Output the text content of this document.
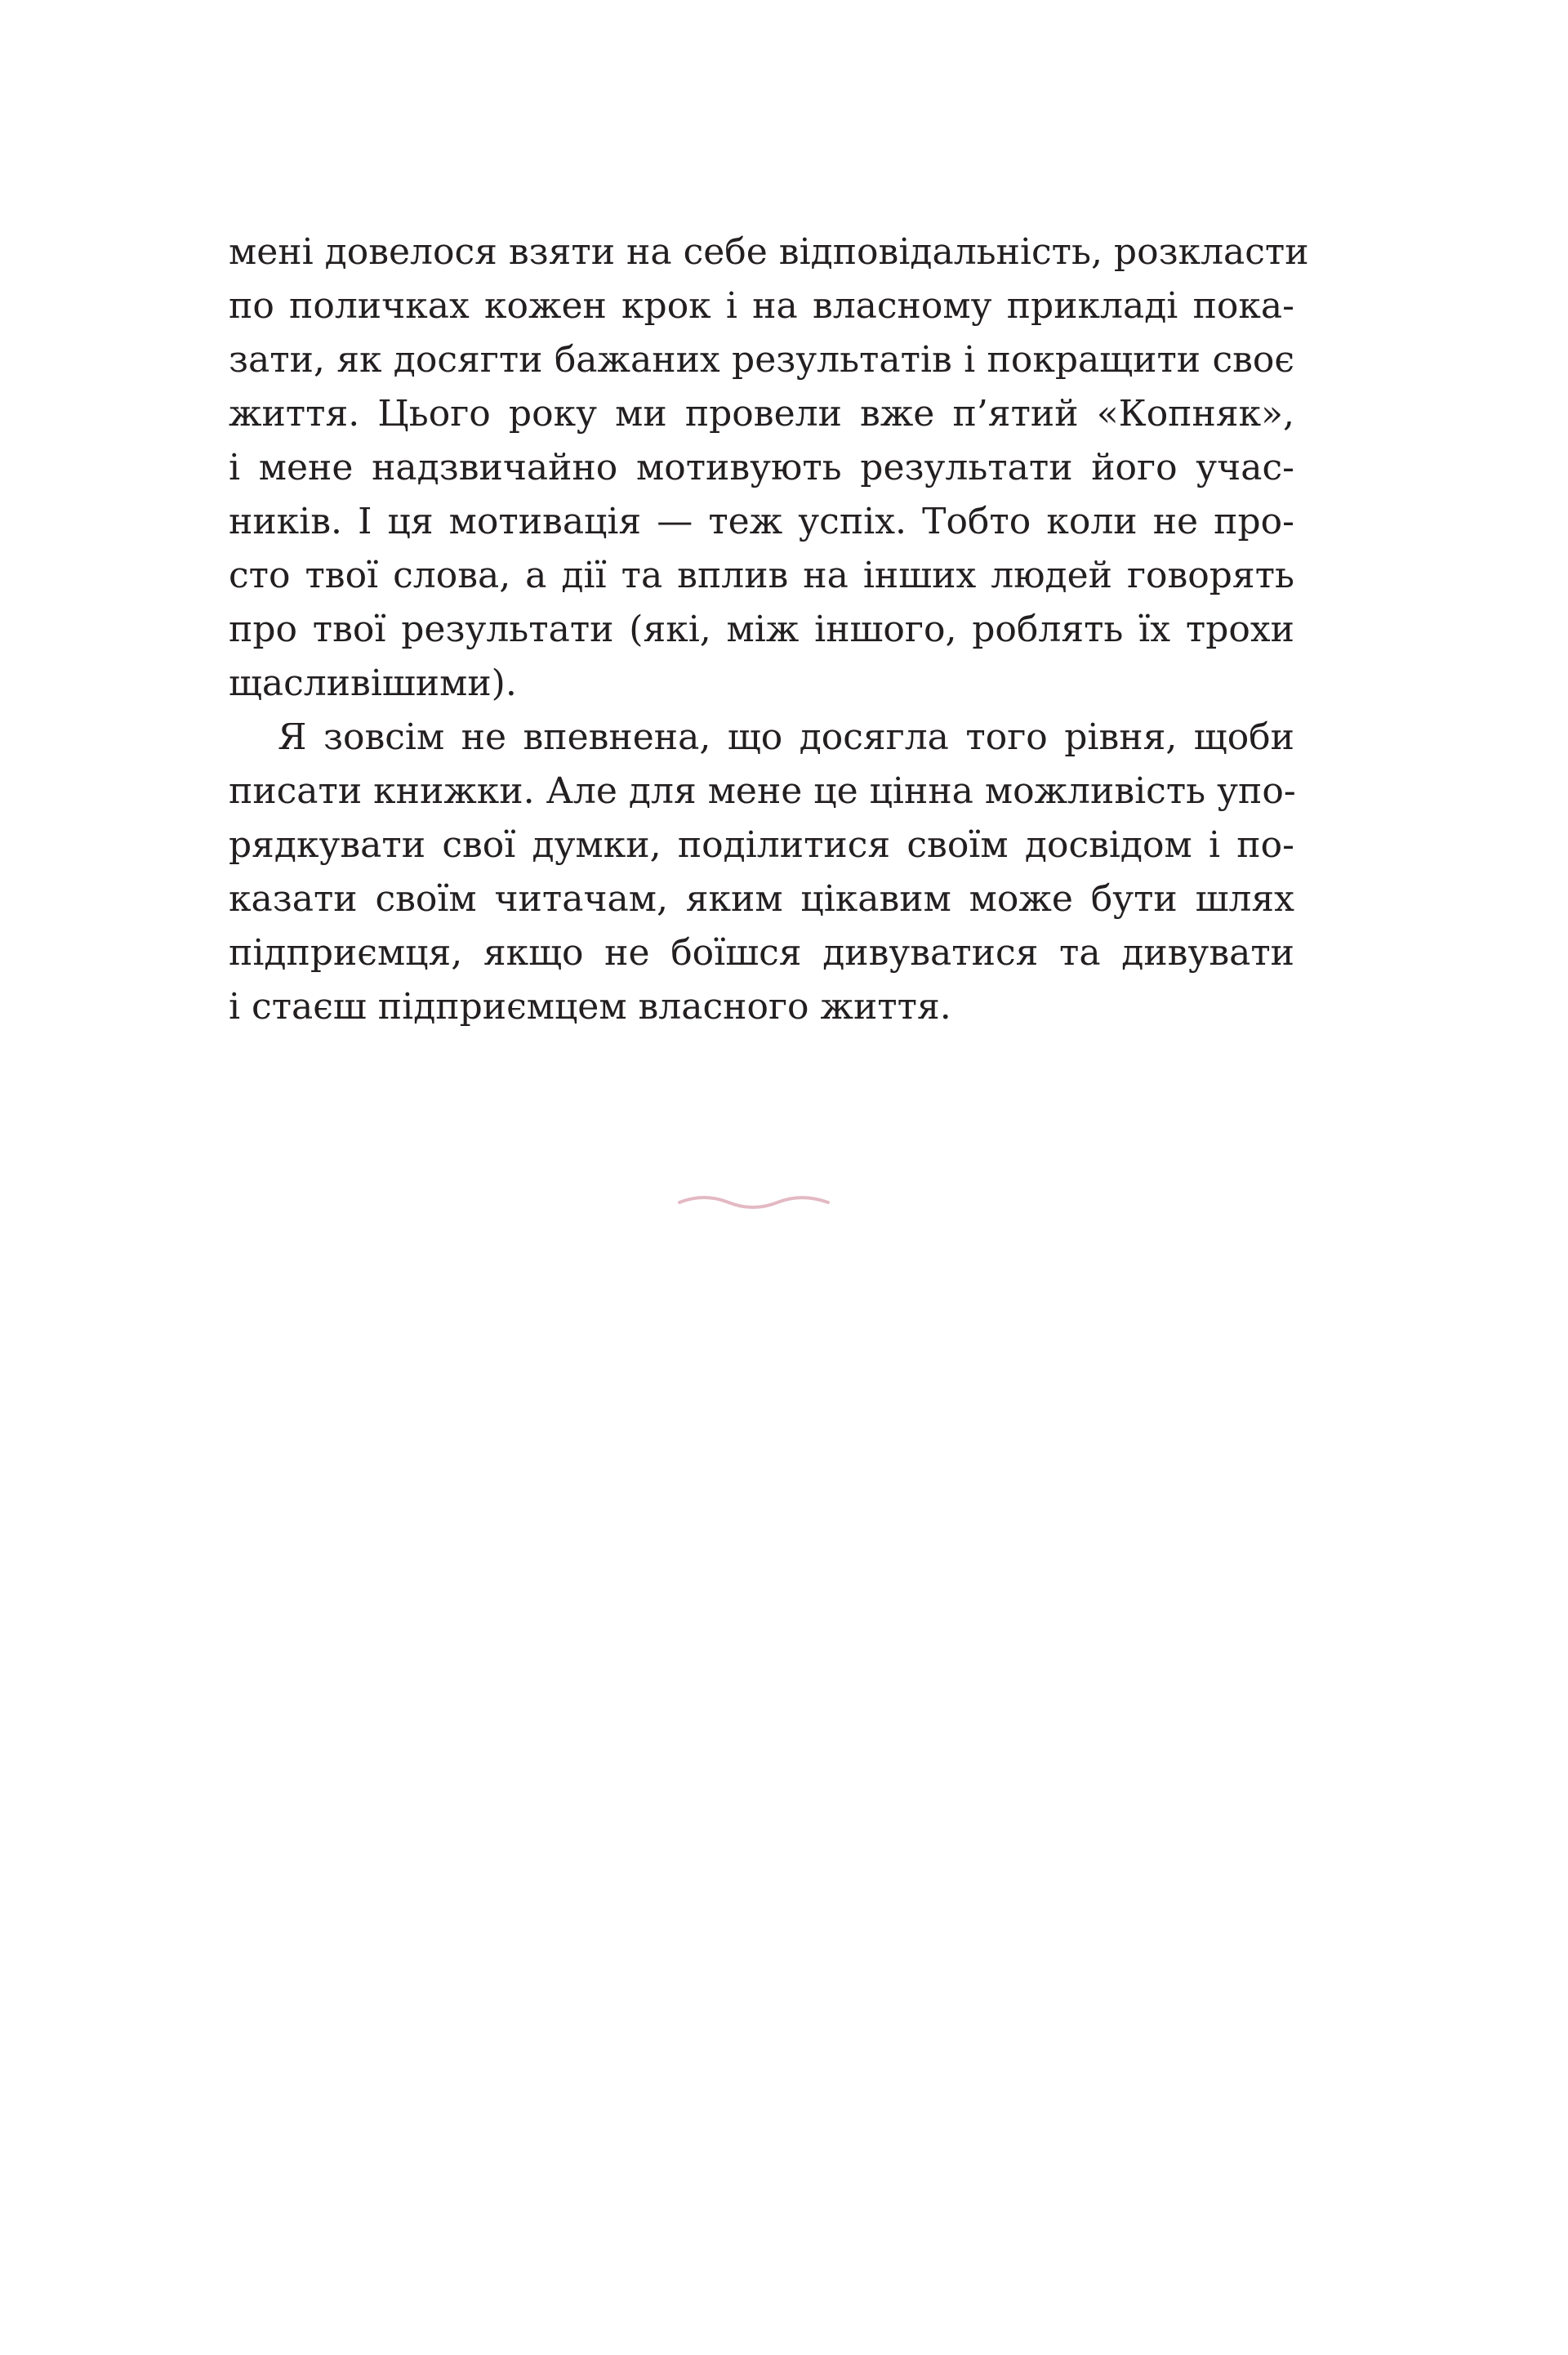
мені довелося взяти на себе відповідальність, розкласти
по поличках кожен крок і на власному прикладі пока-
зати, як досягти бажаних результатів і покращити своє
життя. Цього року ми провели вже п’ятий «Копняк»,
і мене надзвичайно мотивують результати його учас-
ників. І ця мотивація — теж успіх. Тобто коли не про-
сто твої слова, а дії та вплив на інших людей говорять
про твої результати (які, між іншого, роблять їх трохи
щасливішими).
Я зовсім не впевнена, що досягла того рівня, щоби
писати книжки. Але для мене це цінна можливість упо-
рядкувати свої думки, поділитися своїм досвідом і по-
казати своїм читачам, яким цікавим може бути шлях
підприємця, якщо не боїшся дивуватися та дивувати
і стаєш підприємцем власного життя.
